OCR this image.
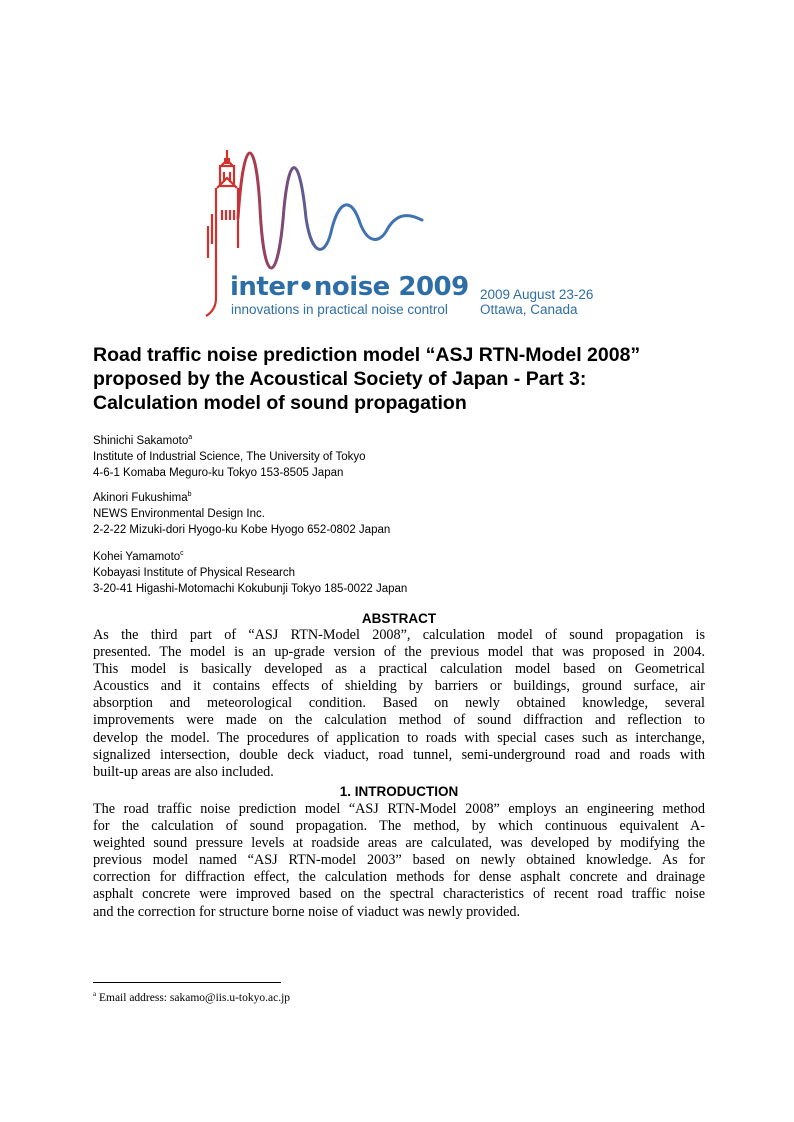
inter•noise 2009
innovations in practical noise control
2009 August 23-26
Ottawa, Canada
Road traffic noise prediction model “ASJ RTN-Model 2008”
proposed by the Acoustical Society of Japan - Part 3:
Calculation model of sound propagation
Shinichi Sakamoto$^a$
Institute of Industrial Science, The University of Tokyo
4-6-1 Komaba Meguro-ku Tokyo 153-8505 Japan
Akinori Fukushima$^b$
NEWS Environmental Design Inc.
2-2-22 Mizuki-dori Hyogo-ku Kobe Hyogo 652-0802 Japan
Kohei Yamamoto$^c$
Kobayasi Institute of Physical Research
3-20-41 Higashi-Motomachi Kokubunji Tokyo 185-0022 Japan
ABSTRACT
As the third part of “ASJ RTN-Model 2008”, calculation model of sound propagation is
presented. The model is an up-grade version of the previous model that was proposed in 2004.
This model is basically developed as a practical calculation model based on Geometrical
Acoustics and it contains effects of shielding by barriers or buildings, ground surface, air
absorption and meteorological condition. Based on newly obtained knowledge, several
improvements were made on the calculation method of sound diffraction and reflection to
develop the model. The procedures of application to roads with special cases such as interchange,
signalized intersection, double deck viaduct, road tunnel, semi-underground road and roads with
built-up areas are also included.
1. INTRODUCTION
The road traffic noise prediction model “ASJ RTN-Model 2008” employs an engineering method
for the calculation of sound propagation. The method, by which continuous equivalent A-
weighted sound pressure levels at roadside areas are calculated, was developed by modifying the
previous model named “ASJ RTN-model 2003” based on newly obtained knowledge. As for
correction for diffraction effect, the calculation methods for dense asphalt concrete and drainage
asphalt concrete were improved based on the spectral characteristics of recent road traffic noise
and the correction for structure borne noise of viaduct was newly provided.
$^a$ Email address: sakamo@iis.u-tokyo.ac.jp
